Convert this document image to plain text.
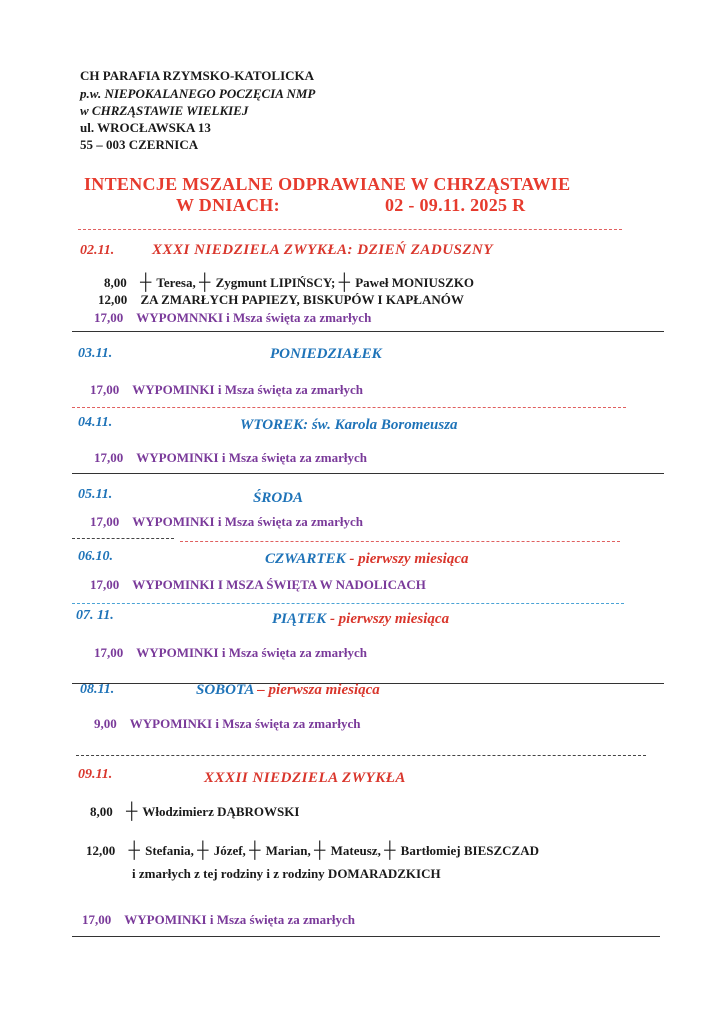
CH PARAFIA RZYMSKO-KATOLICKA
p.w. NIEPOKALANEGO POCZĘCIA NMP
w CHRZĄSTAWIE WIELKIEJ
ul. WROCŁAWSKA 13
55 – 003 CZERNICA
INTENCJE MSZALNE ODPRAWIANE W CHRZĄSTAWIE
W DNIACH:	02 - 09.11. 2025 R
02.11.	XXXI NIEDZIELA ZWYKŁA: DZIEŃ ZADUSZNY
8,00 ┼ Teresa, ┼ Zygmunt LIPIŃSCY; ┼ Paweł MONIUSZKO
12,00 ZA ZMARŁYCH PAPIEZY, BISKUPÓW I KAPŁANÓW
17,00 WYPOMNNKI i Msza święta za zmarłych
03.11.	PONIEDZIAŁEK
17,00 WYPOMINKI i Msza święta za zmarłych
04.11.	WTOREK: św. Karola Boromeusza
17,00 WYPOMINKI i Msza święta za zmarłych
05.11.	ŚRODA
17,00 WYPOMINKI i Msza święta za zmarłych
06.10.	CZWARTEK - pierwszy miesiąca
17,00 WYPOMINKI I MSZA ŚWIĘTA W NADOLICACH
07. 11.	PIĄTEK - pierwszy miesiąca
17,00 WYPOMINKI i Msza święta za zmarłych
08.11.	SOBOTA – pierwsza miesiąca
9,00 WYPOMINKI i Msza święta za zmarłych
09.11.	XXXII NIEDZIELA ZWYKŁA
8,00 ┼ Włodzimierz DĄBROWSKI
12,00 ┼ Stefania, ┼ Józef, ┼ Marian, ┼ Mateusz, ┼ Bartłomiej BIESZCZAD
i zmarłych z tej rodziny i z rodziny DOMARADZKICH
17,00 WYPOMINKI i Msza święta za zmarłych
